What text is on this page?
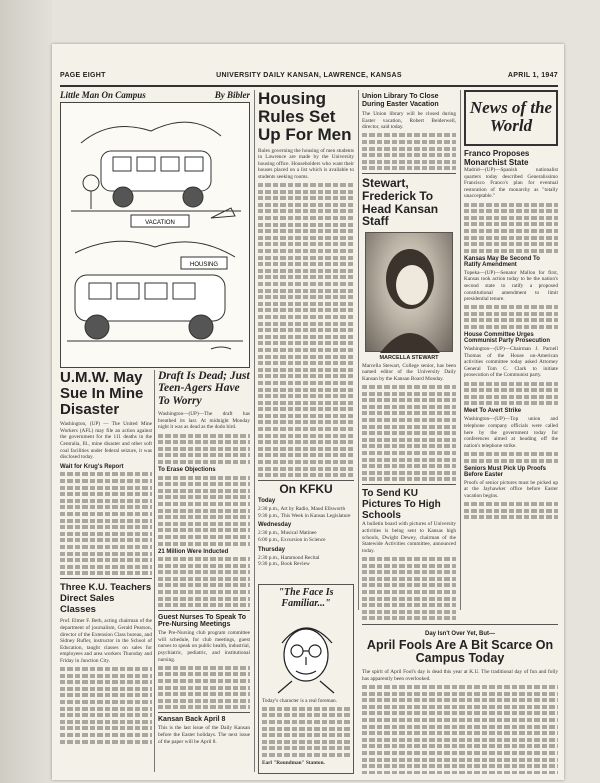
PAGE EIGHT	UNIVERSITY DAILY KANSAN, LAWRENCE, KANSAS	APRIL 1, 1947
Little Man On Campus	By Bibler
VACATION
HOUSING
U.M.W. May Sue In Mine Disaster
Washington, (UP) — The United Mine Workers (AFL) may file an action against the government for the 111 deaths in the Centralia, Ill., mine disaster and other soft coal facilities under federal seizure, it was disclosed today.
Wait for Krug's Report
Three K.U. Teachers Direct Sales Classes
Prof. Elmer F. Beth, acting chairman of the department of journalism, Gerald Pearson, director of the Extension Class bureau, and Sidney Rufler, instructor in the School of Education, taught classes on sales for employees and area workers Thursday and Friday in Junction City.
Draft Is Dead; Just Teen-Agers Have To Worry
Washington—(UP)—The draft has breathed its last. At midnight Monday night it was as dead as the dodo bird.
To Erase Objections
21 Million Were Inducted
Guest Nurses To Speak To Pre-Nursing Meetings
The Pre-Nursing club program committee will schedule, for club meetings, guest nurses to speak on public health, industrial, psychiatric, pediatric, and institutional nursing.
Kansan Back April 8
This is the last issue of the Daily Kansan before the Easter holidays. The next issue of the paper will be April 8.
Housing Rules Set Up For Men
Rules governing the housing of men students in Lawrence are made by the University housing office. Householders who want their houses placed on a list which is available to students seeking rooms.
On KFKU
Today
2:30 p.m., Art by Radio, Maud Ellsworth
9:30 p.m., This Week in Kansas Legislature
Wednesday
2:30 p.m., Musical Matinee
6:00 p.m., Excursion in Science
Thursday
2:30 p.m., Hammond Recital
9:30 p.m., Book Review
"The Face Is Familiar..."
Today's character is a real foreman.
Earl "Roundman" Stanton.
Union Library To Close During Easter Vacation
The Union library will be closed during Easter vacation, Robert Beiderwell, director, said today.
Stewart, Frederick To Head Kansan Staff
MARCELLA STEWART
Marcella Stewart, College senior, has been named editor of the University Daily Kansan by the Kansan Board Monday.
To Send KU Pictures To High Schools
A bulletin board with pictures of University activities is being sent to Kansas high schools, Dwight Dewey, chairman of the Statewide Activities committee, announced today.
News of the World
Franco Proposes Monarchist State
Madrid—(UP)—Spanish nationalist quarters today described Generalissimo Francisco Franco's plan for eventual restoration of the monarchy as "totally unacceptable."
Kansas May Be Second To Ratify Amendment
Topeka—(UP)—Senator Mallon for first, Kansas took action today to be the nation's second state to ratify a proposed constitutional amendment to limit presidential tenure.
House Committee Urges Communist Party Prosecution
Washington—(UP)—Chairman J. Parnell Thomas of the House un-American activities committee today asked Attorney General Tom C. Clark to initiate prosecution of the Communist party.
Meet To Avert Strike
Washington—(UP)—Top union and telephone company officials were called here by the government today for conferences aimed at heading off the nation's telephone strike.
Seniors Must Pick Up Proofs Before Easter
Proofs of senior pictures must be picked up at the Jayhawker office before Easter vacation begins.
Day Isn't Over Yet, But—
April Fools Are A Bit Scarce On Campus Today
The spirit of April Fool's day is dead this year at K.U. The traditional day of fun and folly has apparently been overlooked.
